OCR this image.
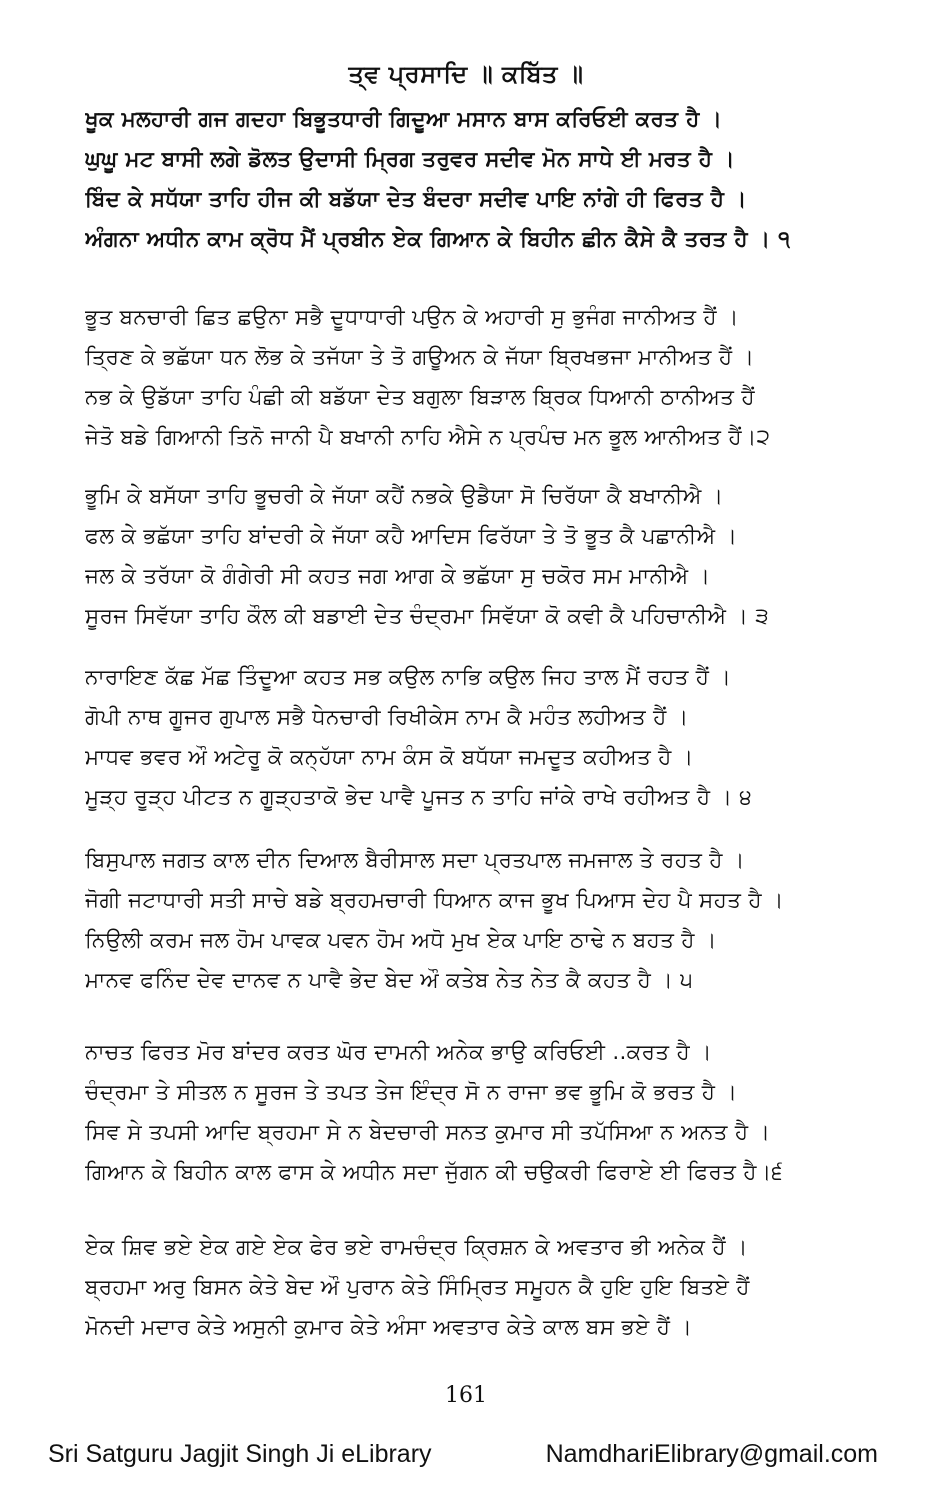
ਤ੍ਵ ਪ੍ਰਸਾਦਿ ॥ ਕਬਿੱਤ ॥
ਖੂਕ ਮਲਹਾਰੀ ਗਜ ਗਦਹਾ ਬਿਭੂਤਧਾਰੀ ਗਿਦੂਆ ਮਸਾਨ ਬਾਸ ਕਰਿਓਈ ਕਰਤ ਹੈ ।
ਘੁਘੂ ਮਟ ਬਾਸੀ ਲਗੇ ਡੋਲਤ ਉਦਾਸੀ ਮ੍ਰਿਗ ਤਰੁਵਰ ਸਦੀਵ ਮੋਨ ਸਾਧੇ ਈ ਮਰਤ ਹੈ ।
ਬਿੰਦ ਕੇ ਸਧੱਯਾ ਤਾਹਿ ਹੀਜ ਕੀ ਬਡੱਯਾ ਦੇਤ ਬੰਦਰਾ ਸਦੀਵ ਪਾਇ ਨਾਂਗੇ ਹੀ ਫਿਰਤ ਹੈ ।
ਅੰਗਨਾ ਅਧੀਨ ਕਾਮ ਕ੍ਰੋਧ ਮੈਂ ਪ੍ਰਬੀਨ ਏਕ ਗਿਆਨ ਕੇ ਬਿਹੀਨ ਛੀਨ ਕੈਸੇ ਕੈ ਤਰਤ ਹੈ । ੧
ਭੂਤ ਬਨਚਾਰੀ ਛਿਤ ਛਉਨਾ ਸਭੈ ਦੂਧਾਧਾਰੀ ਪਉਨ ਕੇ ਅਹਾਰੀ ਸੁ ਭੁਜੰਗ ਜਾਨੀਅਤ ਹੈਂ ।
ਤ੍ਰਿਣ ਕੇ ਭਛੱਯਾ ਧਨ ਲੋਭ ਕੇ ਤਜੱਯਾ ਤੇ ਤੋ ਗਊਅਨ ਕੇ ਜੱਯਾ ਬ੍ਰਿਖਭਜਾ ਮਾਨੀਅਤ ਹੈਂ ।
ਨਭ ਕੇ ਉਡੱਯਾ ਤਾਹਿ ਪੰਛੀ ਕੀ ਬਡੱਯਾ ਦੇਤ ਬਗੁਲਾ ਬਿੜਾਲ ਬ੍ਰਿਕ ਧਿਆਨੀ ਠਾਨੀਅਤ ਹੈਂ
ਜੇਤੋ ਬਡੇ ਗਿਆਨੀ ਤਿਨੋ ਜਾਨੀ ਪੈ ਬਖਾਨੀ ਨਾਹਿ ਐਸੇ ਨ ਪ੍ਰਪੰਚ ਮਨ ਭੂਲ ਆਨੀਅਤ ਹੈਂ।੨
ਭੂਮਿ ਕੇ ਬਸੱਯਾ ਤਾਹਿ ਭੂਚਰੀ ਕੇ ਜੱਯਾ ਕਹੈਂ ਨਭਕੇ ਉਡੈਯਾ ਸੋ ਚਿਰੱਯਾ ਕੈ ਬਖਾਨੀਐ ।
ਫਲ ਕੇ ਭਛੱਯਾ ਤਾਹਿ ਬਾਂਦਰੀ ਕੇ ਜੱਯਾ ਕਹੈ ਆਦਿਸ ਫਿਰੱਯਾ ਤੇ ਤੋ ਭੂਤ ਕੈ ਪਛਾਨੀਐ ।
ਜਲ ਕੇ ਤਰੱਯਾ ਕੋ ਗੰਗੇਰੀ ਸੀ ਕਹਤ ਜਗ ਆਗ ਕੇ ਭਛੱਯਾ ਸੁ ਚਕੋਰ ਸਮ ਮਾਨੀਐ ।
ਸੂਰਜ ਸਿਵੱਯਾ ਤਾਹਿ ਕੌਲ ਕੀ ਬਡਾਈ ਦੇਤ ਚੰਦ੍ਰਮਾ ਸਿਵੱਯਾ ਕੋ ਕਵੀ ਕੈ ਪਹਿਚਾਨੀਐ । ੩
ਨਾਰਾਇਣ ਕੱਛ ਮੱਛ ਤਿੰਦੂਆ ਕਹਤ ਸਭ ਕਉਲ ਨਾਭਿ ਕਉਲ ਜਿਹ ਤਾਲ ਮੈਂ ਰਹਤ ਹੈਂ ।
ਗੋਪੀ ਨਾਥ ਗੂਜਰ ਗੁਪਾਲ ਸਭੈ ਧੇਨਚਾਰੀ ਰਿਖੀਕੇਸ ਨਾਮ ਕੈ ਮਹੰਤ ਲਹੀਅਤ ਹੈਂ ।
ਮਾਧਵ ਭਵਰ ਔ ਅਟੇਰੂ ਕੋ ਕਨ੍ਹੱਯਾ ਨਾਮ ਕੰਸ ਕੋ ਬਧੱਯਾ ਜਮਦੂਤ ਕਹੀਅਤ ਹੈ ।
ਮੂੜ੍ਹ ਰੂੜ੍ਹ ਪੀਟਤ ਨ ਗੂੜ੍ਹਤਾਕੋ ਭੇਦ ਪਾਵੈ ਪੂਜਤ ਨ ਤਾਹਿ ਜਾਂਕੇ ਰਾਖੇ ਰਹੀਅਤ ਹੈ । ੪
ਬਿਸੁਪਾਲ ਜਗਤ ਕਾਲ ਦੀਨ ਦਿਆਲ ਬੈਰੀਸਾਲ ਸਦਾ ਪ੍ਰਤਪਾਲ ਜਮਜਾਲ ਤੇ ਰਹਤ ਹੈ ।
ਜੋਗੀ ਜਟਾਧਾਰੀ ਸਤੀ ਸਾਚੇ ਬਡੇ ਬ੍ਰਹਮਚਾਰੀ ਧਿਆਨ ਕਾਜ ਭੂਖ ਪਿਆਸ ਦੇਹ ਪੈ ਸਹਤ ਹੈ ।
ਨਿਉਲੀ ਕਰਮ ਜਲ ਹੋਮ ਪਾਵਕ ਪਵਨ ਹੋਮ ਅਧੋ ਮੁਖ ਏਕ ਪਾਇ ਠਾਢੇ ਨ ਬਹਤ ਹੈ ।
ਮਾਨਵ ਫਨਿੰਦ ਦੇਵ ਦਾਨਵ ਨ ਪਾਵੈ ਭੇਦ ਬੇਦ ਔ ਕਤੇਬ ਨੇਤ ਨੇਤ ਕੈ ਕਹਤ ਹੈ । ੫
ਨਾਚਤ ਫਿਰਤ ਮੋਰ ਬਾਂਦਰ ਕਰਤ ਘੋਰ ਦਾਮਨੀ ਅਨੇਕ ਭਾਉ ਕਰਿਓਈ ..ਕਰਤ ਹੈ ।
ਚੰਦ੍ਰਮਾ ਤੇ ਸੀਤਲ ਨ ਸੂਰਜ ਤੇ ਤਪਤ ਤੇਜ ਇੰਦ੍ਰ ਸੋ ਨ ਰਾਜਾ ਭਵ ਭੂਮਿ ਕੋ ਭਰਤ ਹੈ ।
ਸਿਵ ਸੇ ਤਪਸੀ ਆਦਿ ਬ੍ਰਹਮਾ ਸੇ ਨ ਬੇਦਚਾਰੀ ਸਨਤ ਕੁਮਾਰ ਸੀ ਤਪੱਸਿਆ ਨ ਅਨਤ ਹੈ ।
ਗਿਆਨ ਕੇ ਬਿਹੀਨ ਕਾਲ ਫਾਸ ਕੇ ਅਧੀਨ ਸਦਾ ਜੁੱਗਨ ਕੀ ਚਉਕਰੀ ਫਿਰਾਏ ਈ ਫਿਰਤ ਹੈ।੬
ਏਕ ਸ਼ਿਵ ਭਏ ਏਕ ਗਏ ਏਕ ਫੇਰ ਭਏ ਰਾਮਚੰਦ੍ਰ ਕ੍ਰਿਸ਼ਨ ਕੇ ਅਵਤਾਰ ਭੀ ਅਨੇਕ ਹੈਂ ।
ਬ੍ਰਹਮਾ ਅਰੁ ਬਿਸਨ ਕੇਤੇ ਬੇਦ ਔ ਪੁਰਾਨ ਕੇਤੇ ਸਿੰਮ੍ਰਿਤ ਸਮੂਹਨ ਕੈ ਹੁਇ ਹੁਇ ਬਿਤਏ ਹੈਂ
ਮੋਨਦੀ ਮਦਾਰ ਕੇਤੇ ਅਸੁਨੀ ਕੁਮਾਰ ਕੇਤੇ ਅੰਸਾ ਅਵਤਾਰ ਕੇਤੇ ਕਾਲ ਬਸ ਭਏ ਹੈਂ ।
161
Sri Satguru Jagjit Singh Ji eLibrary	NamdhariElibrary@gmail.com
